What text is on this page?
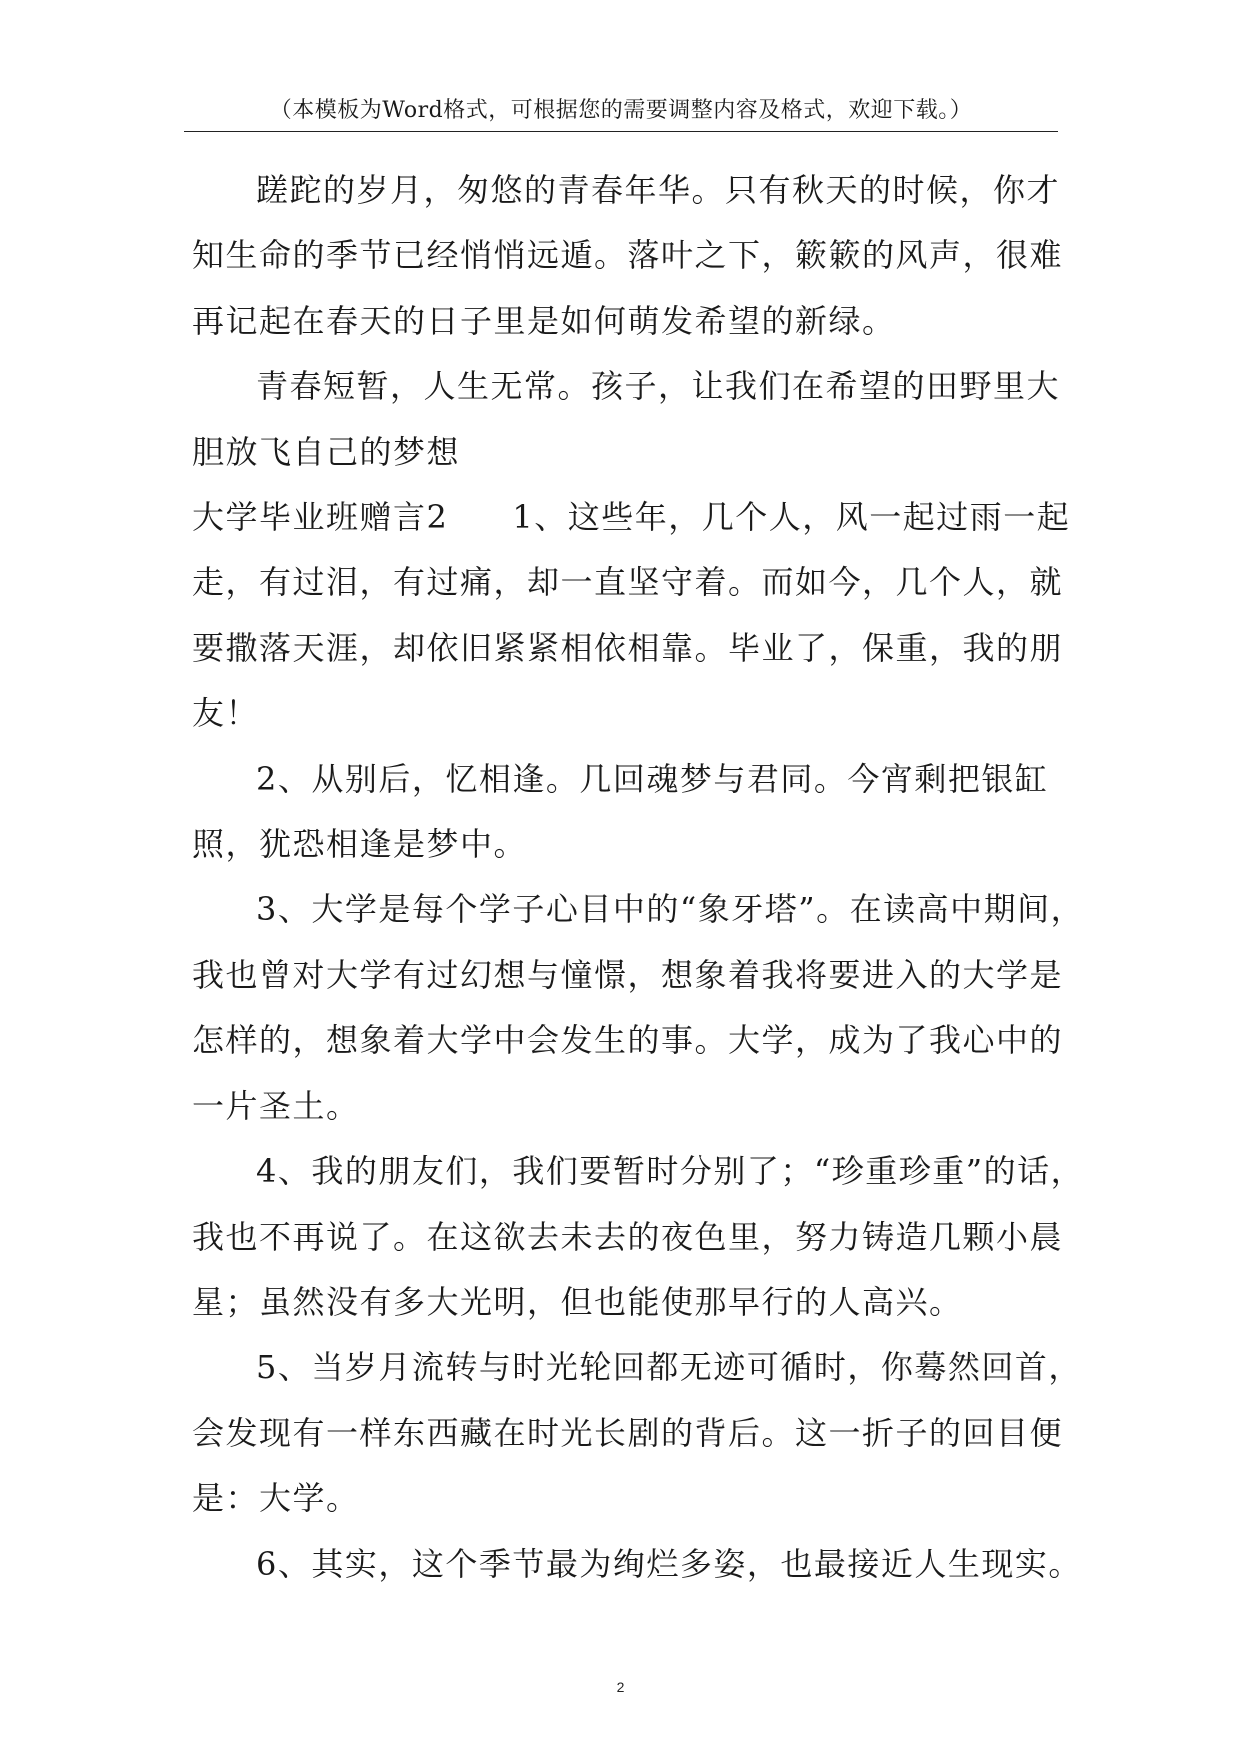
（本模板为Word格式，可根据您的需要调整内容及格式，欢迎下载。）

蹉跎的岁月，匆悠的青春年华。只有秋天的时候，你才

知生命的季节已经悄悄远遁。落叶之下，簌簌的风声，很难

再记起在春天的日子里是如何萌发希望的新绿。

青春短暂，人生无常。孩子，让我们在希望的田野里大

胆放飞自己的梦想

大学毕业班赠言2 1、这些年，几个人，风一起过雨一起

走，有过泪，有过痛，却一直坚守着。而如今，几个人，就

要撒落天涯，却依旧紧紧相依相靠。毕业了，保重，我的朋

友！

2、从别后，忆相逢。几回魂梦与君同。今宵剩把银缸

照，犹恐相逢是梦中。

3、大学是每个学子心目中的“象牙塔”。在读高中期间，

我也曾对大学有过幻想与憧憬，想象着我将要进入的大学是

怎样的，想象着大学中会发生的事。大学，成为了我心中的

一片圣土。

4、我的朋友们，我们要暂时分别了；“珍重珍重”的话，

我也不再说了。在这欲去未去的夜色里，努力铸造几颗小晨

星；虽然没有多大光明，但也能使那早行的人高兴。

5、当岁月流转与时光轮回都无迹可循时，你蓦然回首，

会发现有一样东西藏在时光长剧的背后。这一折子的回目便

是：大学。

6、其实，这个季节最为绚烂多姿，也最接近人生现实。

2
